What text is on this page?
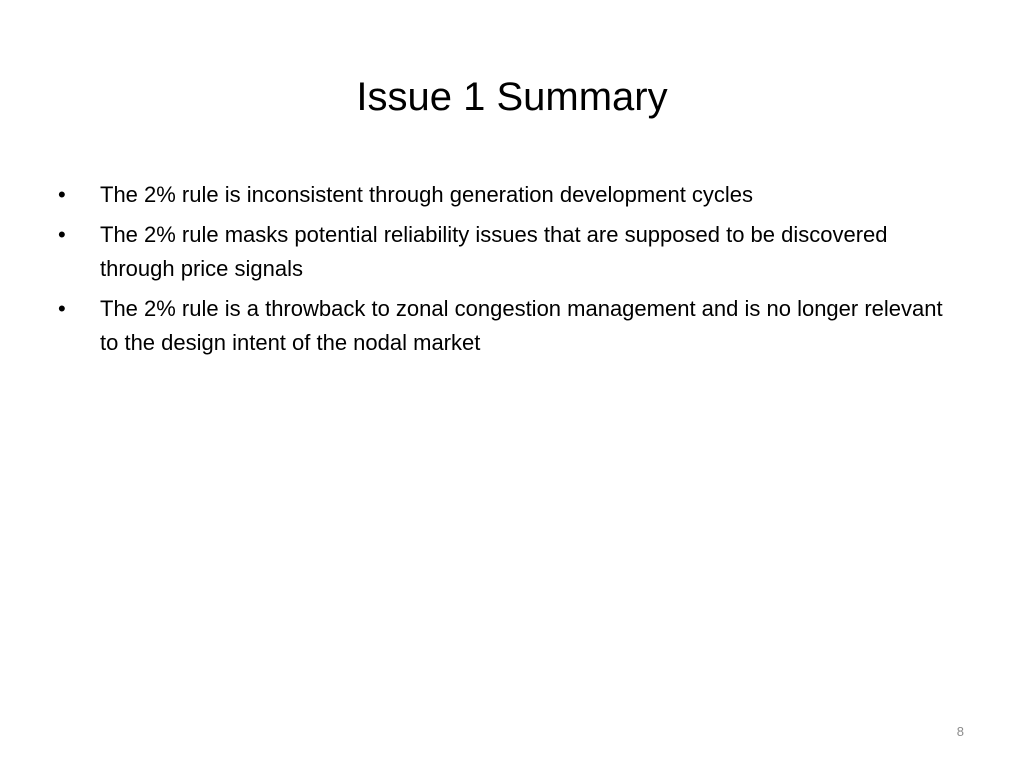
Issue 1 Summary
•	The 2% rule is inconsistent through generation development cycles
•	The 2% rule masks potential reliability issues that are supposed to be discovered through price signals
•	The 2% rule is a throwback to zonal congestion management and is no longer relevant to the design intent of the nodal market
8
